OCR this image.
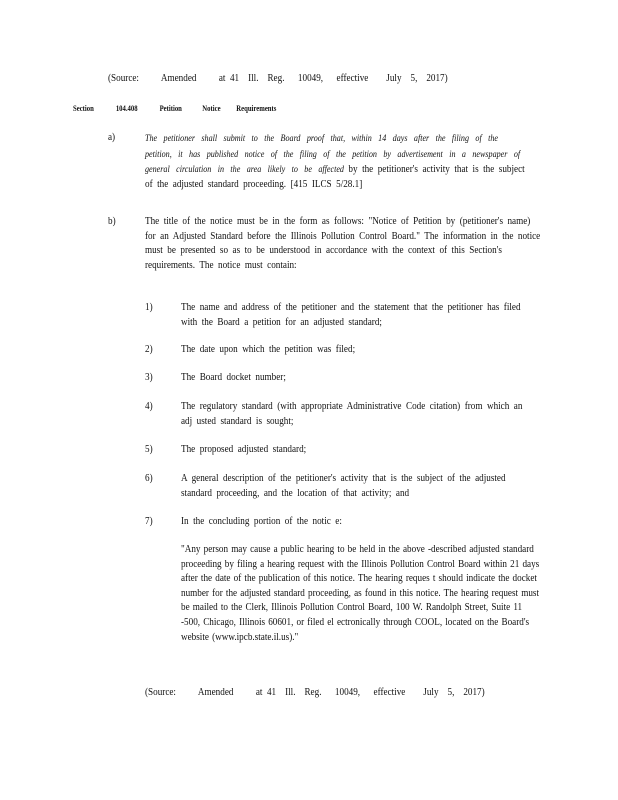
(Source:     Amended     at 41  Ill.  Reg.   10049,   effective    July  5,  2017)
Section	104.408	Petition Notice Requirements
a)	The petitioner shall submit to the Board proof that, within 14 days after the filing of the petition, it has published notice of the filing of the petition by advertisement in a newspaper of general circulation in the area likely to be affected by the petitioner's activity that is the subject of the adjusted standard proceeding. [415 ILCS 5/28.1]
b)	The title of the notice must be in the form as follows: "Notice of Petition by (petitioner's name) for an Adjusted Standard before the Illinois Pollution Control Board." The information in the notice must be presented so as to be understood in accordance with the context of this Section's requirements. The notice must contain:
1)	The name and address of the petitioner and the statement that the petitioner has filed with the Board a petition for an adjusted standard;
2)	The date upon which the petition was filed;
3)	The Board docket number;
4)	The regulatory standard (with appropriate Administrative Code citation) from which an adj usted standard is sought;
5)	The proposed adjusted standard;
6)	A general description of the petitioner's activity that is the subject of the adjusted standard proceeding, and the location of that activity; and
7)	In the concluding portion of the notic e:
"Any person may cause a public hearing to be held in the above -described adjusted standard proceeding by filing a hearing request with the Illinois Pollution Control Board within 21 days after the date of the publication of this notice. The hearing reques t should indicate the docket number for the adjusted standard proceeding, as found in this notice. The hearing request must be mailed to the Clerk, Illinois Pollution Control Board, 100 W. Randolph Street, Suite 11 -500, Chicago, Illinois 60601, or filed el ectronically through COOL, located on the Board's website (www.ipcb.state.il.us)."
(Source:     Amended     at 41  Ill.  Reg.   10049,   effective    July  5,  2017)
